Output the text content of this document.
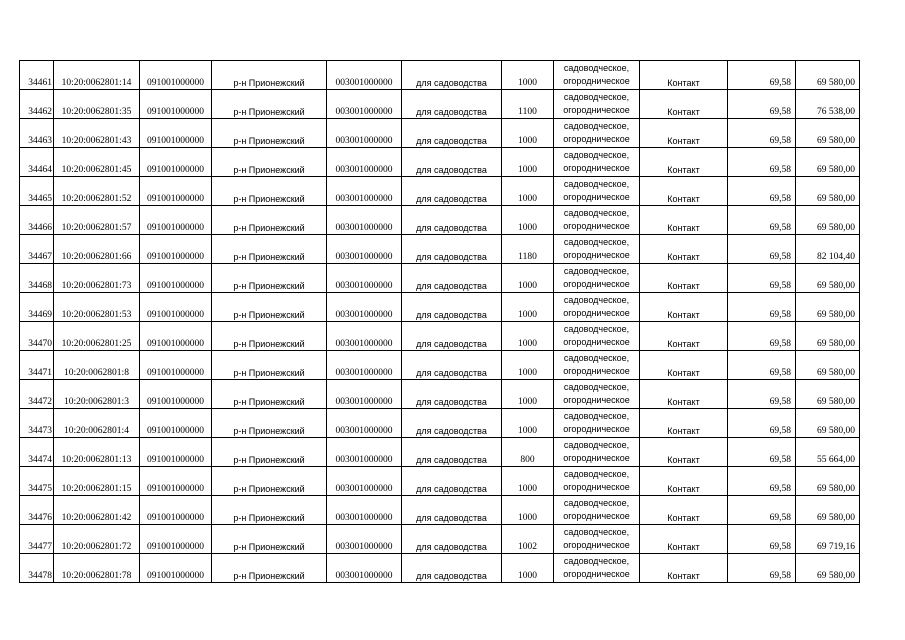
34461	10:20:0062801:14	091001000000	р-н Прионежский	003001000000	для садоводства	1000	садоводческое,
огородническое	Контакт	69,58	69 580,00
34462	10:20:0062801:35	091001000000	р-н Прионежский	003001000000	для садоводства	1100	садоводческое,
огородническое	Контакт	69,58	76 538,00
34463	10:20:0062801:43	091001000000	р-н Прионежский	003001000000	для садоводства	1000	садоводческое,
огородническое	Контакт	69,58	69 580,00
34464	10:20:0062801:45	091001000000	р-н Прионежский	003001000000	для садоводства	1000	садоводческое,
огородническое	Контакт	69,58	69 580,00
34465	10:20:0062801:52	091001000000	р-н Прионежский	003001000000	для садоводства	1000	садоводческое,
огородническое	Контакт	69,58	69 580,00
34466	10:20:0062801:57	091001000000	р-н Прионежский	003001000000	для садоводства	1000	садоводческое,
огородническое	Контакт	69,58	69 580,00
34467	10:20:0062801:66	091001000000	р-н Прионежский	003001000000	для садоводства	1180	садоводческое,
огородническое	Контакт	69,58	82 104,40
34468	10:20:0062801:73	091001000000	р-н Прионежский	003001000000	для садоводства	1000	садоводческое,
огородническое	Контакт	69,58	69 580,00
34469	10:20:0062801:53	091001000000	р-н Прионежский	003001000000	для садоводства	1000	садоводческое,
огородническое	Контакт	69,58	69 580,00
34470	10:20:0062801:25	091001000000	р-н Прионежский	003001000000	для садоводства	1000	садоводческое,
огородническое	Контакт	69,58	69 580,00
34471	10:20:0062801:8	091001000000	р-н Прионежский	003001000000	для садоводства	1000	садоводческое,
огородническое	Контакт	69,58	69 580,00
34472	10:20:0062801:3	091001000000	р-н Прионежский	003001000000	для садоводства	1000	садоводческое,
огородническое	Контакт	69,58	69 580,00
34473	10:20:0062801:4	091001000000	р-н Прионежский	003001000000	для садоводства	1000	садоводческое,
огородническое	Контакт	69,58	69 580,00
34474	10:20:0062801:13	091001000000	р-н Прионежский	003001000000	для садоводства	800	садоводческое,
огородническое	Контакт	69,58	55 664,00
34475	10:20:0062801:15	091001000000	р-н Прионежский	003001000000	для садоводства	1000	садоводческое,
огородническое	Контакт	69,58	69 580,00
34476	10:20:0062801:42	091001000000	р-н Прионежский	003001000000	для садоводства	1000	садоводческое,
огородническое	Контакт	69,58	69 580,00
34477	10:20:0062801:72	091001000000	р-н Прионежский	003001000000	для садоводства	1002	садоводческое,
огородническое	Контакт	69,58	69 719,16
34478	10:20:0062801:78	091001000000	р-н Прионежский	003001000000	для садоводства	1000	садоводческое,
огородническое	Контакт	69,58	69 580,00
